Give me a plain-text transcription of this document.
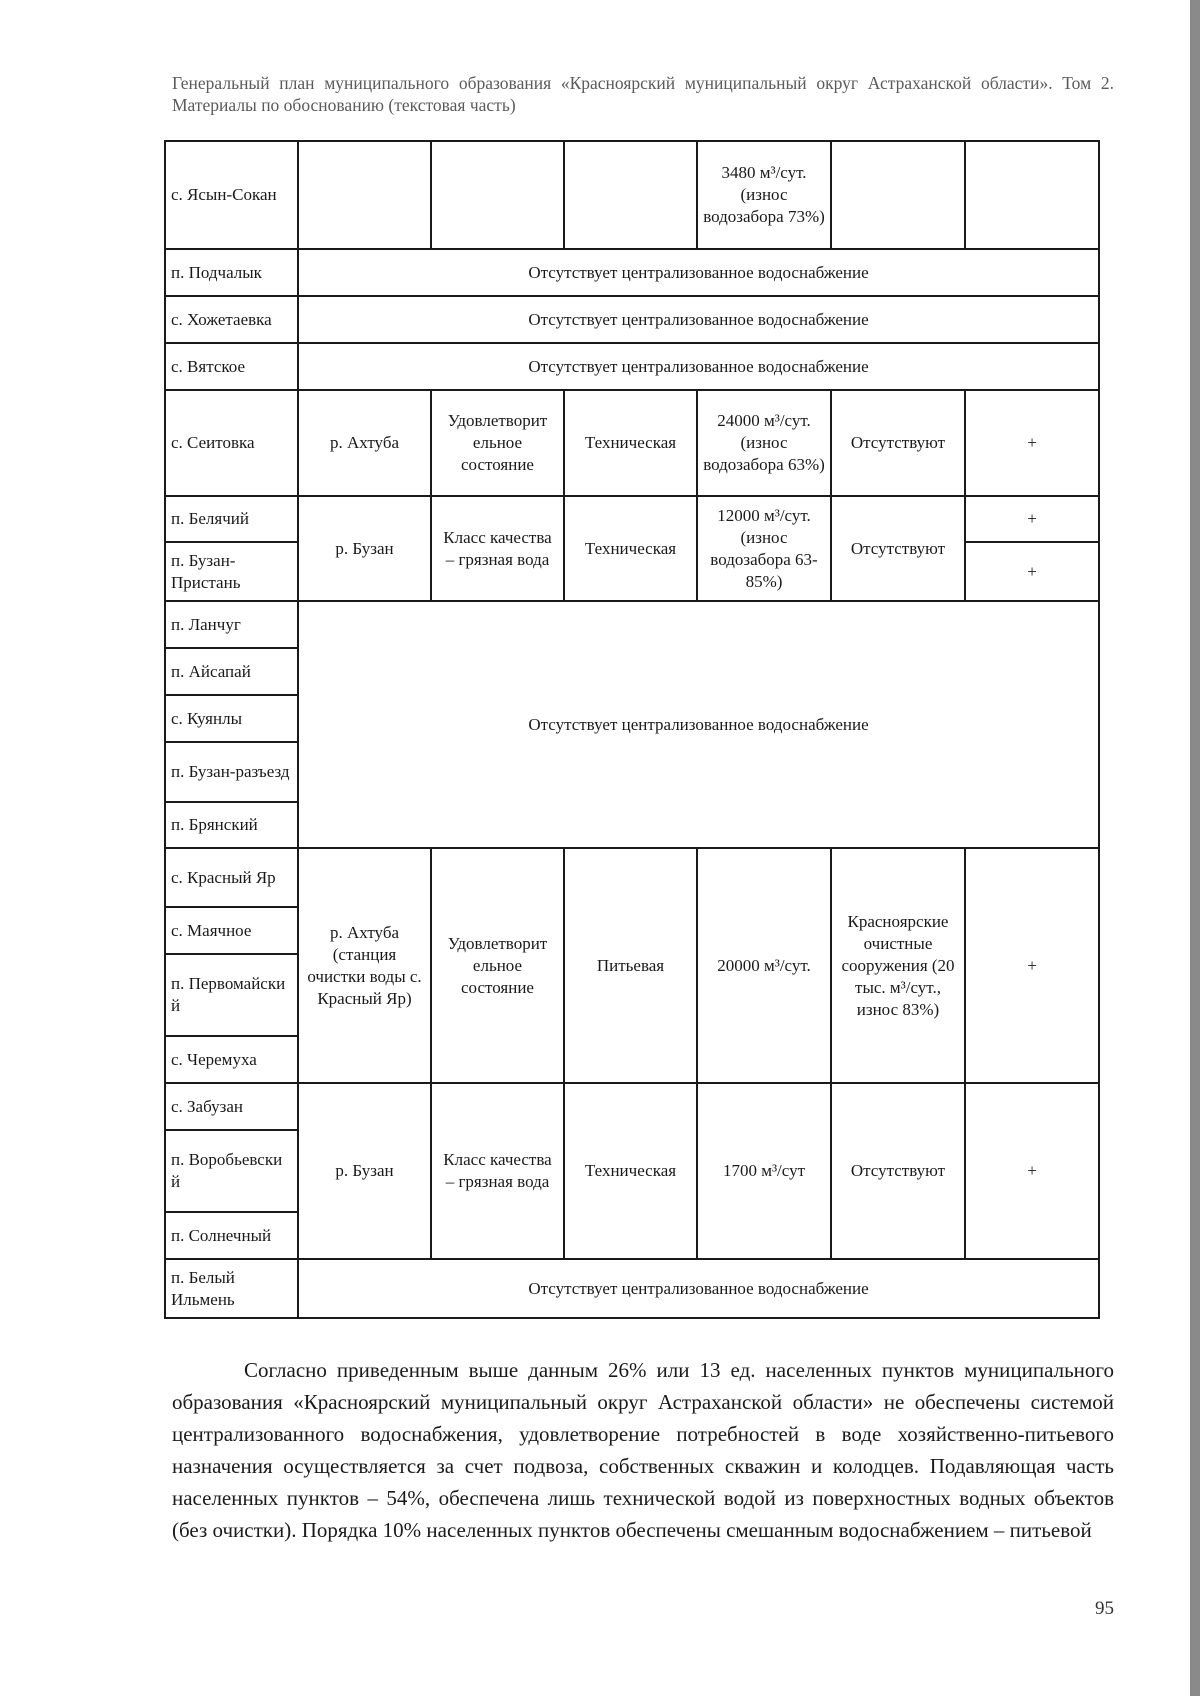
Генеральный план муниципального образования «Красноярский муниципальный округ Астраханской области». Том 2. Материалы по обоснованию (текстовая часть)
с. Ясын-Сокан				3480 м³/сут. (износ водозабора 73%)		
п. Подчалык	Отсутствует централизованное водоснабжение					
с. Хожетаевка	Отсутствует централизованное водоснабжение					
с. Вятское	Отсутствует централизованное водоснабжение					
с. Сеитовка	р. Ахтуба	Удовлетворит ельное состояние	Техническая	24000 м³/сут. (износ водозабора 63%)	Отсутствуют	+
п. Белячий	р. Бузан	Класс качества – грязная вода	Техническая	12000 м³/сут. (износ водозабора 63-85%)	Отсутствуют	+
п. Бузан-Пристань						+
п. Ланчуг	Отсутствует централизованное водоснабжение					
п. Айсапай						
с. Куянлы						
п. Бузан-разъезд						
п. Брянский						
с. Красный Яр	р. Ахтуба (станция очистки воды с. Красный Яр)	Удовлетворит ельное состояние	Питьевая	20000 м³/сут.	Красноярские очистные сооружения (20 тыс. м³/сут., износ 83%)	+
с. Маячное						
п. Первомайски й						
с. Черемуха						
с. Забузан	р. Бузан	Класс качества – грязная вода	Техническая	1700 м³/сут	Отсутствуют	+
п. Воробьевски й						
п. Солнечный						
п. Белый Ильмень	Отсутствует централизованное водоснабжение					

Согласно приведенным выше данным 26% или 13 ед. населенных пунктов муниципального образования «Красноярский муниципальный округ Астраханской области» не обеспечены системой централизованного водоснабжения, удовлетворение потребностей в воде хозяйственно-питьевого назначения осуществляется за счет подвоза, собственных скважин и колодцев. Подавляющая часть населенных пунктов – 54%, обеспечена лишь технической водой из поверхностных водных объектов (без очистки). Порядка 10% населенных пунктов обеспечены смешанным водоснабжением – питьевой

95
